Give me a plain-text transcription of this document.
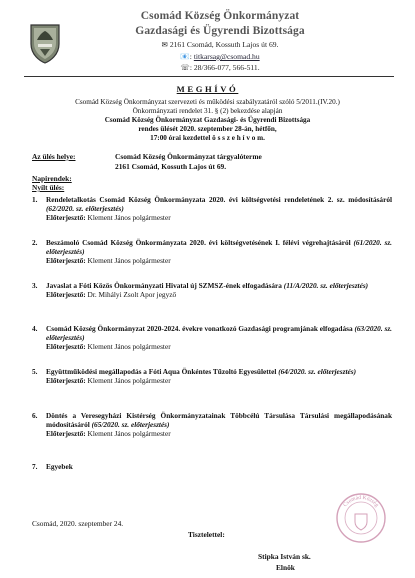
Csomád Község Önkormányzat
Gazdasági és Ügyrendi Bizottsága
✉ 2161 Csomád, Kossuth Lajos út 69.
📧: titkarsag@csomad.hu
☏: 28/366-077, 566-511.
MEGHÍVÓ
Csomád Község Önkormányzat szervezeti és működési szabályzatáról szóló 5/2011.(IV.20.)
Önkormányzati rendelet 31. § (2) bekezdése alapján
Csomád Község Önkormányzat Gazdasági- és Ügyrendi Bizottsága
rendes ülését 2020. szeptember 28-án, hétfőn,
17:00 órai kezdettel ö s s z e h í v o m.
Az ülés helye:	Csomád Község Önkormányzat tárgyalóterme
2161 Csomád, Kossuth Lajos út 69.
Napirendek:
Nyílt ülés:
1. Rendeletalkotás Csomád Község Önkormányzata 2020. évi költségvetési rendeletének 2. sz. módosításáról (62/2020. sz. előterjesztés)
Előterjesztő: Klement János polgármester
2. Beszámoló Csomád Község Önkormányzata 2020. évi költségvetésének I. félévi végrehajtásáról (61/2020. sz. előterjesztés)
Előterjesztő: Klement János polgármester
3. Javaslat a Fóti Közös Önkormányzati Hivatal új SZMSZ-ének elfogadására (11/A/2020. sz. előterjesztés)
Előterjesztő: Dr. Mihályi Zsolt Apor jegyző
4. Csomád Község Önkormányzat 2020-2024. évekre vonatkozó Gazdasági programjának elfogadása (63/2020. sz. előterjesztés)
Előterjesztő: Klement János polgármester
5. Együttműködési megállapodás a Fóti Aqua Önkéntes Tűzoltó Egyesülettel (64/2020. sz. előterjesztés)
Előterjesztő: Klement János polgármester
6. Döntés a Veresegyházi Kistérség Önkormányzatainak Többcélú Társulása Társulási megállapodásának módosításáról (65/2020. sz. előterjesztés)
Előterjesztő: Klement János polgármester
7. Egyebek
Csomád, 2020. szeptember 24.
Tisztelettel:
Csomád Község
Stipka István sk.
Elnök
